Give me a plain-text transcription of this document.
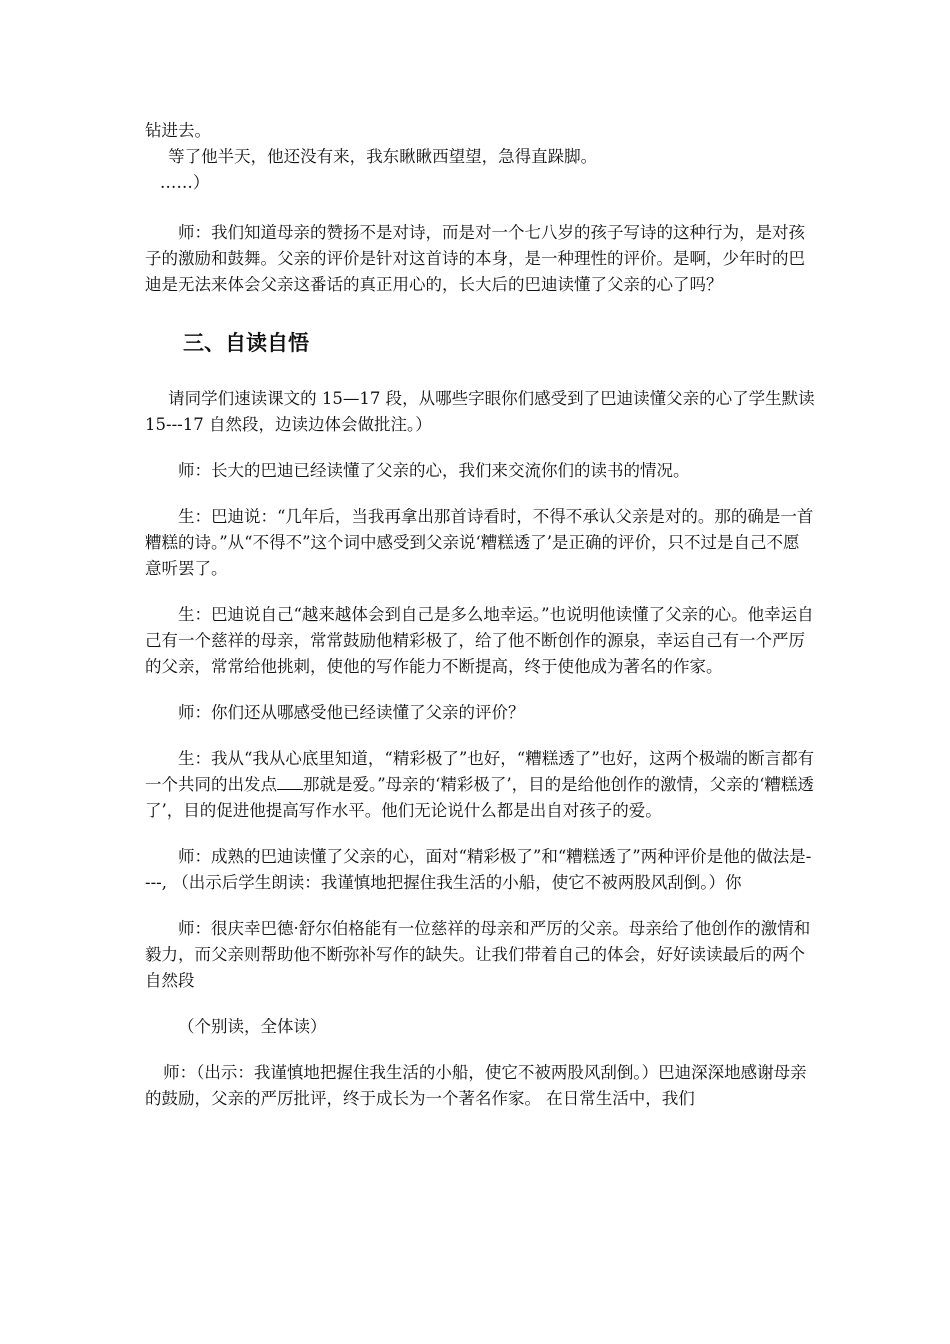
钻进去。

等了他半天，他还没有来，我东瞅瞅西望望，急得直跺脚。

……）

师：我们知道母亲的赞扬不是对诗，而是对一个七八岁的孩子写诗的这种行为，是对孩子的激励和鼓舞。父亲的评价是针对这首诗的本身，是一种理性的评价。是啊，少年时的巴迪是无法来体会父亲这番话的真正用心的，长大后的巴迪读懂了父亲的心了吗？

三、自读自悟

请同学们速读课文的 15—17 段，从哪些字眼你们感受到了巴迪读懂父亲的心了学生默读 15---17 自然段，边读边体会做批注。）

师：长大的巴迪已经读懂了父亲的心，我们来交流你们的读书的情况。

生：巴迪说：“几年后，当我再拿出那首诗看时，不得不承认父亲是对的。那的确是一首糟糕的诗。”从“不得不”这个词中感受到父亲说‘糟糕透了’是正确的评价，只不过是自己不愿意听罢了。

生：巴迪说自己“越来越体会到自己是多么地幸运。”也说明他读懂了父亲的心。他幸运自己有一个慈祥的母亲，常常鼓励他精彩极了，给了他不断创作的源泉，幸运自己有一个严厉的父亲，常常给他挑刺，使他的写作能力不断提高，终于使他成为著名的作家。

师：你们还从哪感受他已经读懂了父亲的评价？

生：我从“我从心底里知道，“精彩极了”也好，“糟糕透了”也好，这两个极端的断言都有一个共同的出发点 那就是爱。”母亲的‘精彩极了’，目的是给他创作的激情，父亲的‘糟糕透了’，目的促进他提高写作水平。他们无论说什么都是出自对孩子的爱。

师：成熟的巴迪读懂了父亲的心，面对“精彩极了”和“糟糕透了”两种评价是他的做法是----, （出示后学生朗读：我谨慎地把握住我生活的小船，使它不被两股风刮倒。）你

师：很庆幸巴德·舒尔伯格能有一位慈祥的母亲和严厉的父亲。母亲给了他创作的激情和毅力，而父亲则帮助他不断弥补写作的缺失。让我们带着自己的体会，好好读读最后的两个自然段

（个别读，全体读）

师：（出示：我谨慎地把握住我生活的小船，使它不被两股风刮倒。）巴迪深深地感谢母亲的鼓励，父亲的严厉批评，终于成长为一个著名作家。 在日常生活中，我们
